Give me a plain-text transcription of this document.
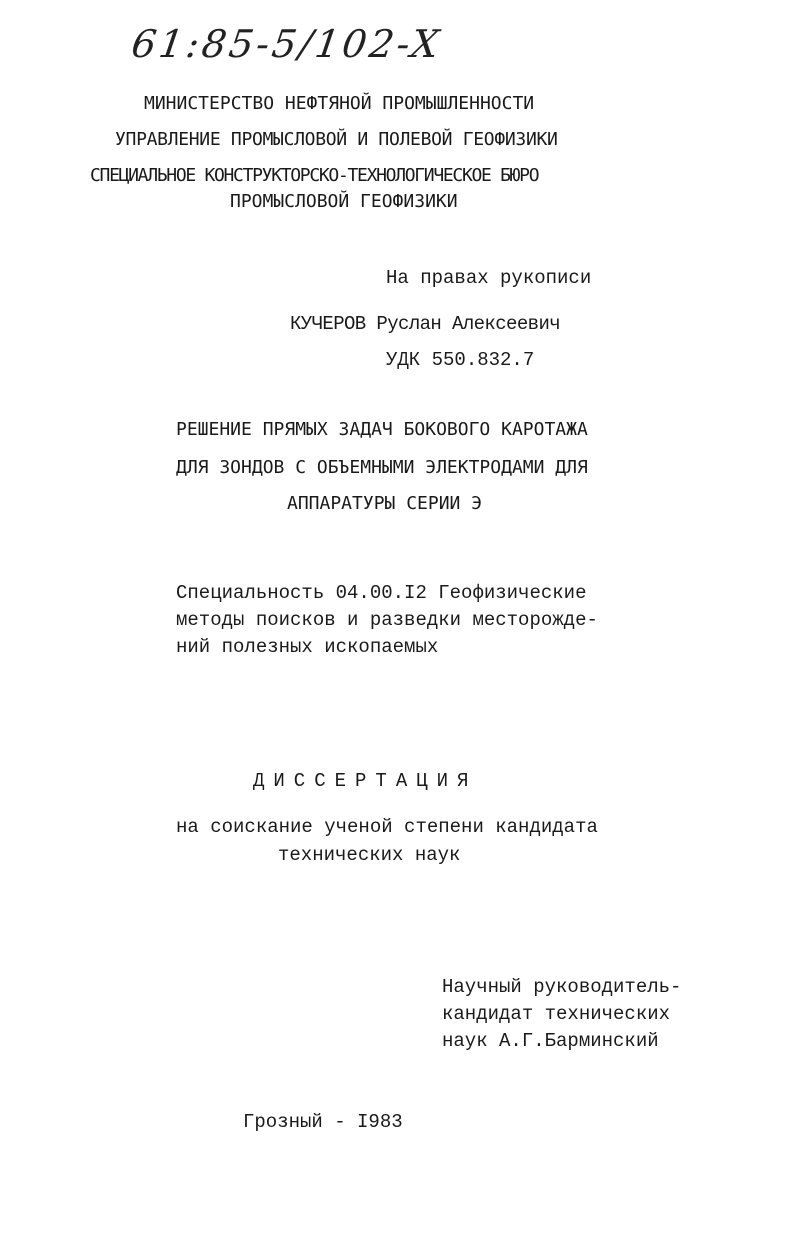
61:85-5/102-X
МИНИСТЕРСТВО НЕФТЯНОЙ ПРОМЫШЛЕННОСТИ
УПРАВЛЕНИЕ ПРОМЫСЛОВОЙ И ПОЛЕВОЙ ГЕОФИЗИКИ
СПЕЦИАЛЬНОЕ КОНСТРУКТОРСКО-ТЕХНОЛОГИЧЕСКОЕ БЮРО
ПРОМЫСЛОВОЙ ГЕОФИЗИКИ
На правах рукописи
КУЧЕРОВ Руслан Алексеевич
УДК 550.832.7
РЕШЕНИЕ ПРЯМЫХ ЗАДАЧ БОКОВОГО КАРОТАЖА
ДЛЯ ЗОНДОВ С ОБЪЕМНЫМИ ЭЛЕКТРОДАМИ ДЛЯ
АППАРАТУРЫ СЕРИИ Э
Специальность 04.00.I2 Геофизические
методы поисков и разведки месторожде-
ний полезных ископаемых
ДИССЕРТАЦИЯ
на соискание ученой степени кандидата
технических наук
Научный руководитель-
кандидат технических
наук А.Г.Барминский
Грозный - I983
